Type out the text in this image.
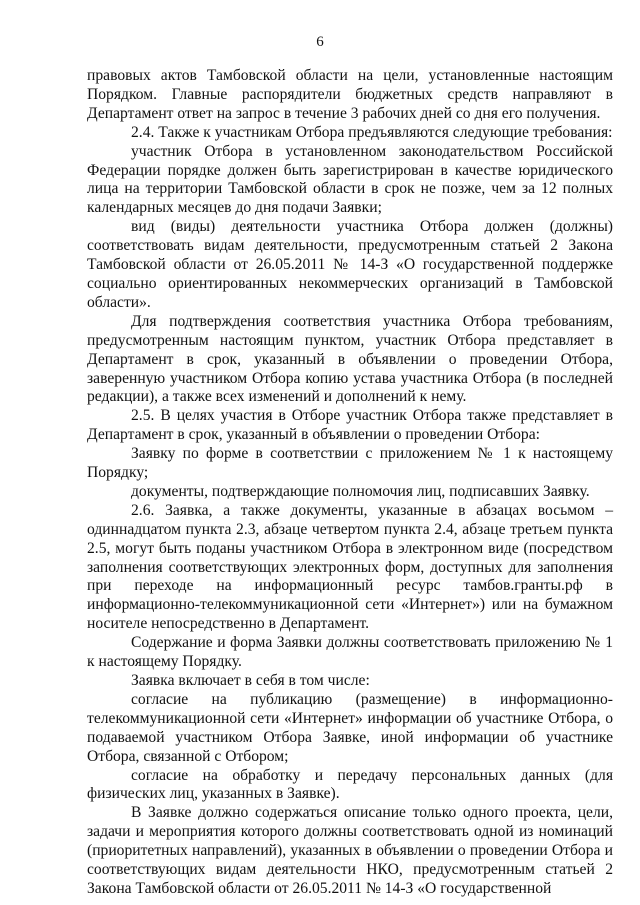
6

правовых актов Тамбовской области на цели, установленные настоящим Порядком. Главные распорядители бюджетных средств направляют в Департамент ответ на запрос в течение 3 рабочих дней со дня его получения.

2.4. Также к участникам Отбора предъявляются следующие требования:

участник Отбора в установленном законодательством Российской Федерации порядке должен быть зарегистрирован в качестве юридического лица на территории Тамбовской области в срок не позже, чем за 12 полных календарных месяцев до дня подачи Заявки;

вид (виды) деятельности участника Отбора должен (должны) соответствовать видам деятельности, предусмотренным статьей 2 Закона Тамбовской области от 26.05.2011 № 14-З «О государственной поддержке социально ориентированных некоммерческих организаций в Тамбовской области».

Для подтверждения соответствия участника Отбора требованиям, предусмотренным настоящим пунктом, участник Отбора представляет в Департамент в срок, указанный в объявлении о проведении Отбора, заверенную участником Отбора копию устава участника Отбора (в последней редакции), а также всех изменений и дополнений к нему.

2.5. В целях участия в Отборе участник Отбора также представляет в Департамент в срок, указанный в объявлении о проведении Отбора:

Заявку по форме в соответствии с приложением № 1 к настоящему Порядку;

документы, подтверждающие полномочия лиц, подписавших Заявку.

2.6. Заявка, а также документы, указанные в абзацах восьмом – одиннадцатом пункта 2.3, абзаце четвертом пункта 2.4, абзаце третьем пункта 2.5, могут быть поданы участником Отбора в электронном виде (посредством заполнения соответствующих электронных форм, доступных для заполнения при переходе на информационный ресурс тамбов.гранты.рф в информационно-телекоммуникационной сети «Интернет») или на бумажном носителе непосредственно в Департамент.

Содержание и форма Заявки должны соответствовать приложению № 1 к настоящему Порядку.

Заявка включает в себя в том числе:

согласие на публикацию (размещение) в информационно-телекоммуникационной сети «Интернет» информации об участнике Отбора, о подаваемой участником Отбора Заявке, иной информации об участнике Отбора, связанной с Отбором;

согласие на обработку и передачу персональных данных (для физических лиц, указанных в Заявке).

В Заявке должно содержаться описание только одного проекта, цели, задачи и мероприятия которого должны соответствовать одной из номинаций (приоритетных направлений), указанных в объявлении о проведении Отбора и соответствующих видам деятельности НКО, предусмотренным статьей 2 Закона Тамбовской области от 26.05.2011 № 14-З «О государственной
